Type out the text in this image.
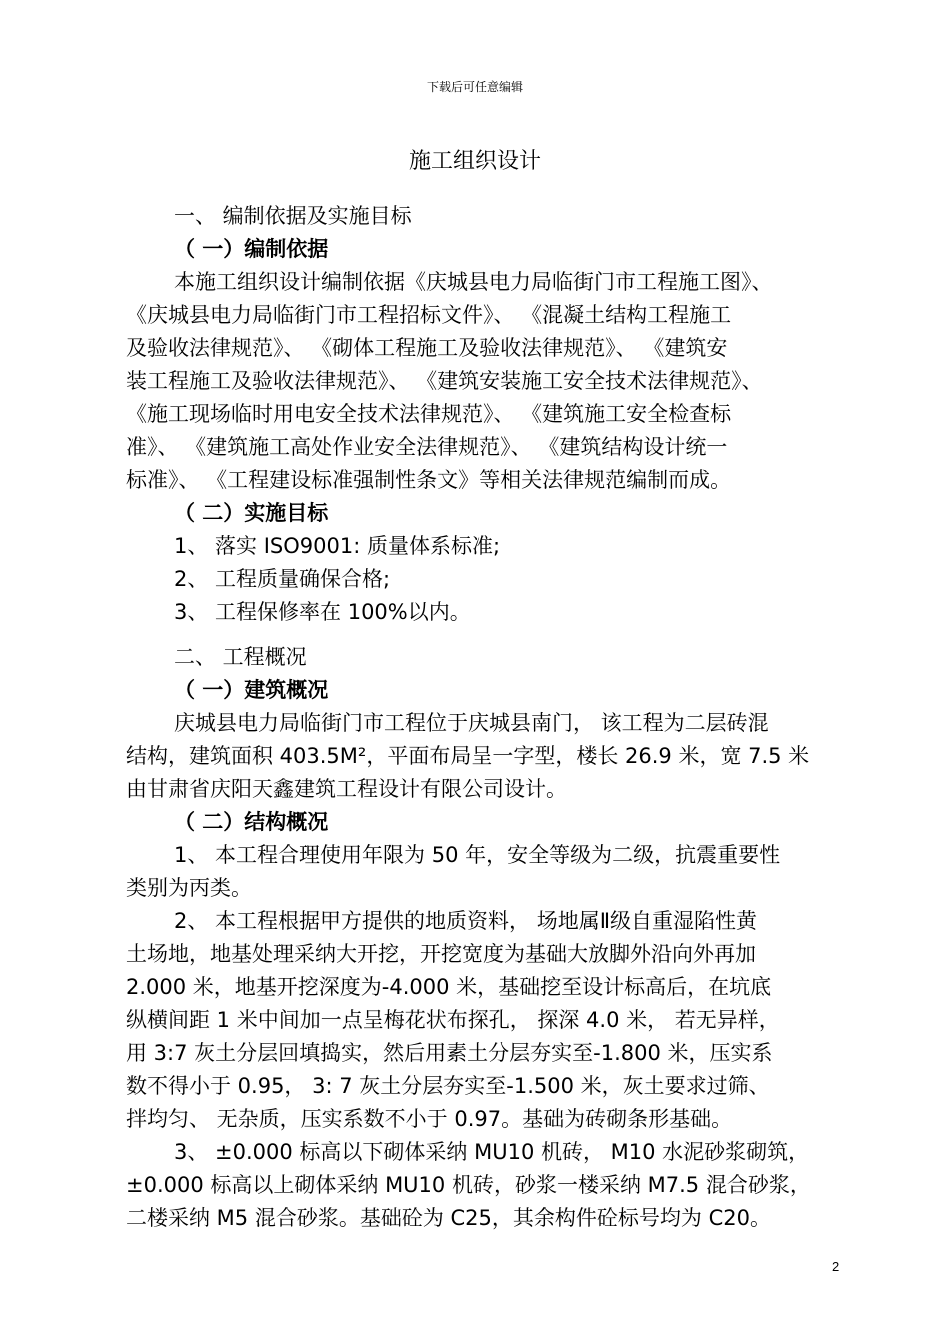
下载后可任意编辑
施工组织设计
一、 编制依据及实施目标
（ 一）编制依据
本施工组织设计编制依据《庆城县电力局临街门市工程施工图》、
《庆城县电力局临街门市工程招标文件》、 《混凝土结构工程施工
及验收法律规范》、 《砌体工程施工及验收法律规范》、 《建筑安
装工程施工及验收法律规范》、 《建筑安装施工安全技术法律规范》、
《施工现场临时用电安全技术法律规范》、 《建筑施工安全检查标
准》、 《建筑施工高处作业安全法律规范》、 《建筑结构设计统一
标准》、 《工程建设标准强制性条文》等相关法律规范编制而成。
（ 二）实施目标
1、 落实 ISO9001: 质量体系标准;
2、 工程质量确保合格;
3、 工程保修率在 100%以内。
二、 工程概况
（ 一）建筑概况
庆城县电力局临街门市工程位于庆城县南门， 该工程为二层砖混
结构，建筑面积 403.5M²，平面布局呈一字型，楼长 26.9 米，宽 7.5 米
由甘肃省庆阳天鑫建筑工程设计有限公司设计。
（ 二）结构概况
1、 本工程合理使用年限为 50 年，安全等级为二级，抗震重要性
类别为丙类。
2、 本工程根据甲方提供的地质资料， 场地属Ⅱ级自重湿陷性黄
土场地，地基处理采纳大开挖，开挖宽度为基础大放脚外沿向外再加
2.000 米，地基开挖深度为-4.000 米，基础挖至设计标高后，在坑底
纵横间距 1 米中间加一点呈梅花状布探孔， 探深 4.0 米， 若无异样，
用 3:7 灰土分层回填捣实，然后用素土分层夯实至-1.800 米，压实系
数不得小于 0.95， 3: 7 灰土分层夯实至-1.500 米，灰土要求过筛、
拌均匀、 无杂质，压实系数不小于 0.97。基础为砖砌条形基础。
3、 ±0.000 标高以下砌体采纳 MU10 机砖， M10 水泥砂浆砌筑，
±0.000 标高以上砌体采纳 MU10 机砖，砂浆一楼采纳 M7.5 混合砂浆，
二楼采纳 M5 混合砂浆。基础砼为 C25，其余构件砼标号均为 C20。
2
